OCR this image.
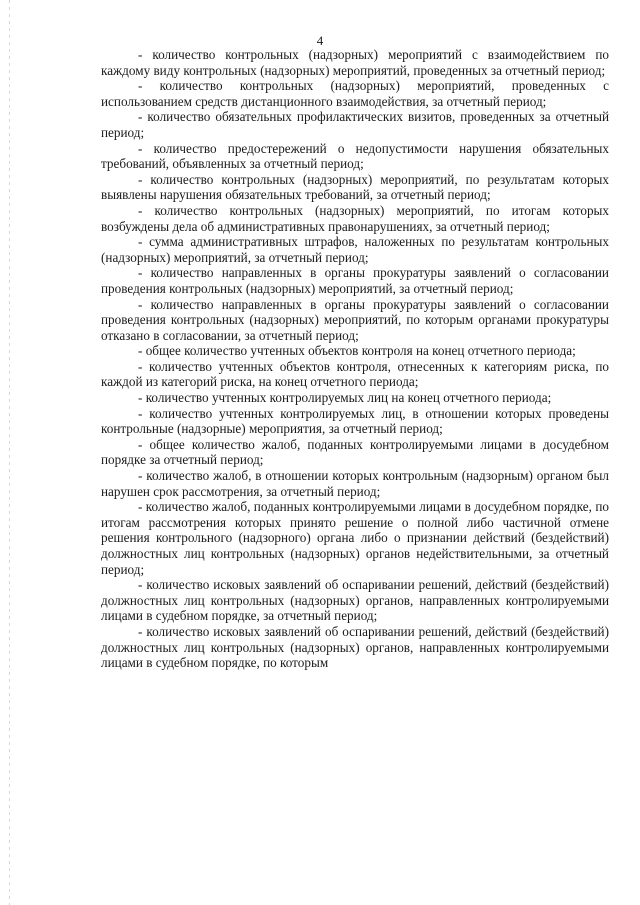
4

- количество контрольных (надзорных) мероприятий с взаимодействием по каждому виду контрольных (надзорных) мероприятий, проведенных за отчетный период;

- количество контрольных (надзорных) мероприятий, проведенных с использованием средств дистанционного взаимодействия, за отчетный период;

- количество обязательных профилактических визитов, проведенных за отчетный период;

- количество предостережений о недопустимости нарушения обязательных требований, объявленных за отчетный период;

- количество контрольных (надзорных) мероприятий, по результатам которых выявлены нарушения обязательных требований, за отчетный период;

- количество контрольных (надзорных) мероприятий, по итогам которых возбуждены дела об административных правонарушениях, за отчетный период;

- сумма административных штрафов, наложенных по результатам контрольных (надзорных) мероприятий, за отчетный период;

- количество направленных в органы прокуратуры заявлений о согласовании проведения контрольных (надзорных) мероприятий, за отчетный период;

- количество направленных в органы прокуратуры заявлений о согласовании проведения контрольных (надзорных) мероприятий, по которым органами прокуратуры отказано в согласовании, за отчетный период;

- общее количество учтенных объектов контроля на конец отчетного периода;

- количество учтенных объектов контроля, отнесенных к категориям риска, по каждой из категорий риска, на конец отчетного периода;

- количество учтенных контролируемых лиц на конец отчетного периода;

- количество учтенных контролируемых лиц, в отношении которых проведены контрольные (надзорные) мероприятия, за отчетный период;

- общее количество жалоб, поданных контролируемыми лицами в досудебном порядке за отчетный период;

- количество жалоб, в отношении которых контрольным (надзорным) органом был нарушен срок рассмотрения, за отчетный период;

- количество жалоб, поданных контролируемыми лицами в досудебном порядке, по итогам рассмотрения которых принято решение о полной либо частичной отмене решения контрольного (надзорного) органа либо о признании действий (бездействий) должностных лиц контрольных (надзорных) органов недействительными, за отчетный период;

- количество исковых заявлений об оспаривании решений, действий (бездействий) должностных лиц контрольных (надзорных) органов, направленных контролируемыми лицами в судебном порядке, за отчетный период;

- количество исковых заявлений об оспаривании решений, действий (бездействий) должностных лиц контрольных (надзорных) органов, направленных контролируемыми лицами в судебном порядке, по которым
